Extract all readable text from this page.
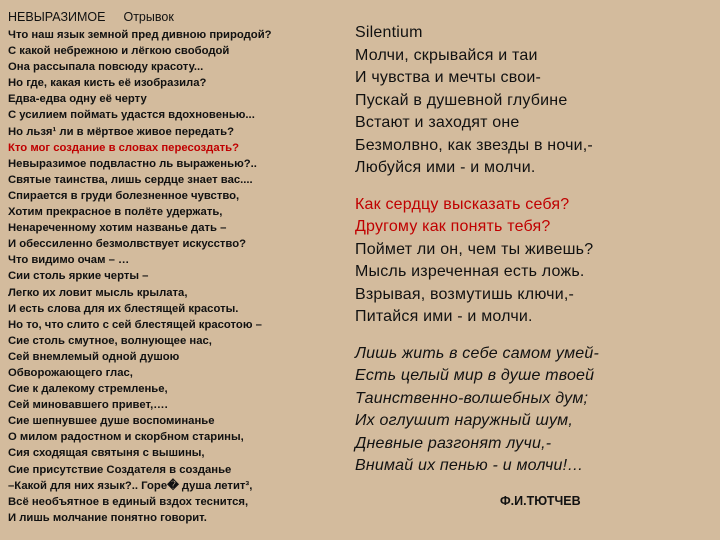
НЕВЫРАЗИМОЕ Отрывок
Что наш язык земной пред дивною природой?
С какой небрежною и лёгкою свободой
Она рассыпала повсюду красоту...
Но где, какая кисть её изобразила?
Едва-едва одну её черту
С усилием поймать удастся вдохновенью...
Но льзя¹ ли в мёртвое живое передать?
Кто мог создание в словах пересоздать?
Невыразимое подвластно ль выраженью?..
Святые таинства, лишь сердце знает вас....
Спирается в груди болезненное чувство,
Хотим прекрасное в полёте удержать,
Ненареченному хотим названье дать –
И обессиленно безмолвствует искусство?
Что видимо очам – …
Сии столь яркие черты –
Легко их ловит мысль крылата,
И есть слова для их блестящей красоты.
Но то, что слито с сей блестящей красотою –
Сие столь смутное, волнующее нас,
Сей внемлемый одной душою
Обворожающего глас,
Сие к далекому стремленье,
Сей миновавшего привет,….
Сие шепнувшее душе воспоминанье
О милом радостном и скорбном старины,
Сия сходящая святыня с вышины,
Сие присутствие Создателя в созданье
–Какой для них язык?.. Горе� душа летит³,
Всё необъятное в единый вздох теснится,
И лишь молчание понятно говорит.
Silentium
Молчи, скрывайся и таи
И чувства и мечты свои-
Пускай в душевной глубине
Встают и заходят оне
Безмолвно, как звезды в ночи,-
Любуйся ими - и молчи.
Как сердцу высказать себя?
Другому как понять тебя?
Поймет ли он, чем ты живешь?
Мысль изреченная есть ложь.
Взрывая, возмутишь ключи,-
Питайся ими - и молчи.
Лишь жить в себе самом умей-
Есть целый мир в душе твоей
Таинственно-волшебных дум;
Их оглушит наружный шум,
Дневные разгонят лучи,-
Внимай их пенью - и молчи!…
Ф.И.ТЮТЧЕВ
